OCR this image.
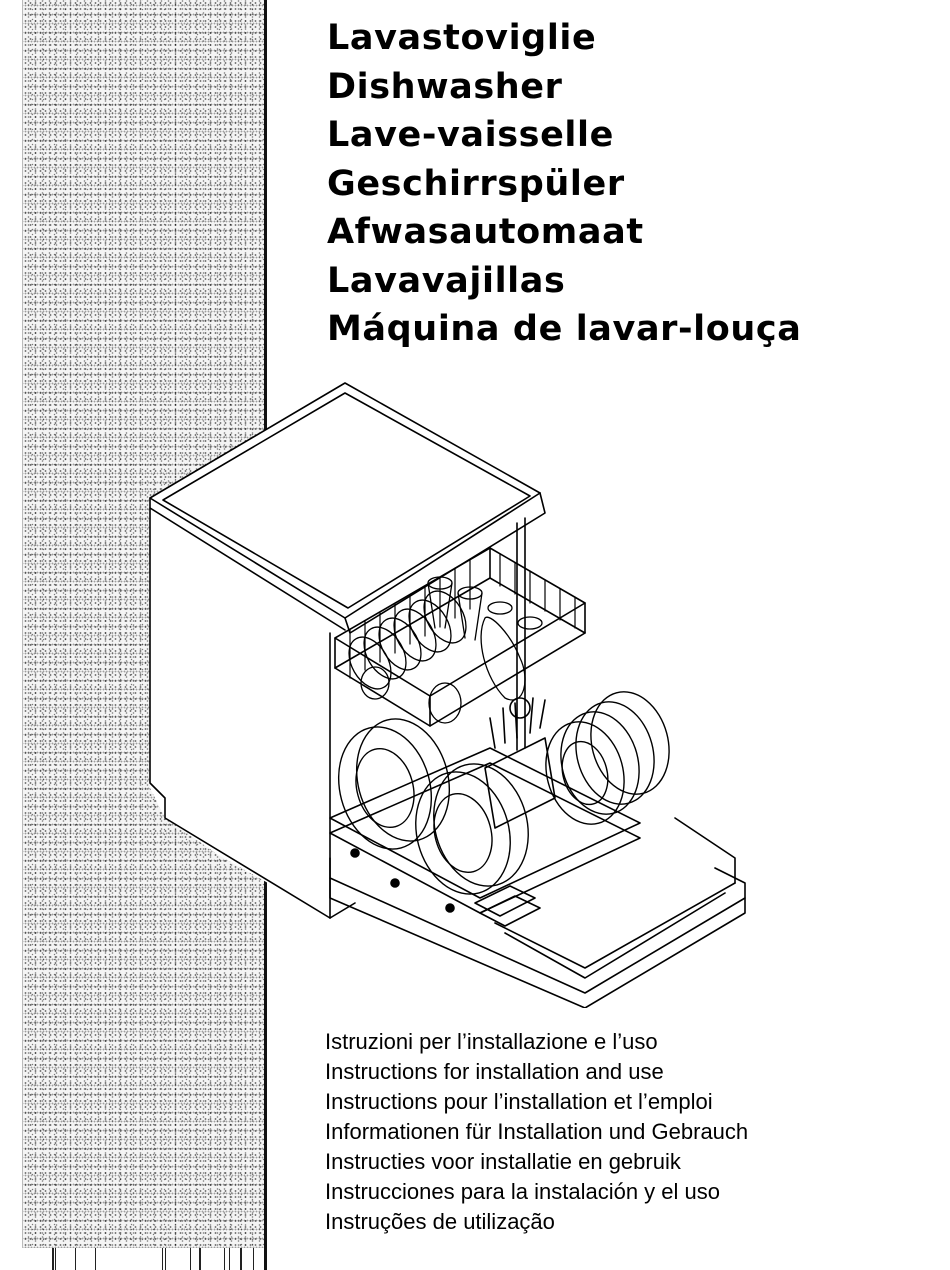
Lavastoviglie
Dishwasher
Lave-vaisselle
Geschirrspüler
Afwasautomaat
Lavavajillas
Máquina de lavar-louça
Istruzioni per l’installazione e l’uso
Instructions for installation and use
Instructions pour l’installation et l’emploi
Informationen für Installation und Gebrauch
Instructies voor installatie en gebruik
Instrucciones para la instalación y el uso
Instruções de utilização
